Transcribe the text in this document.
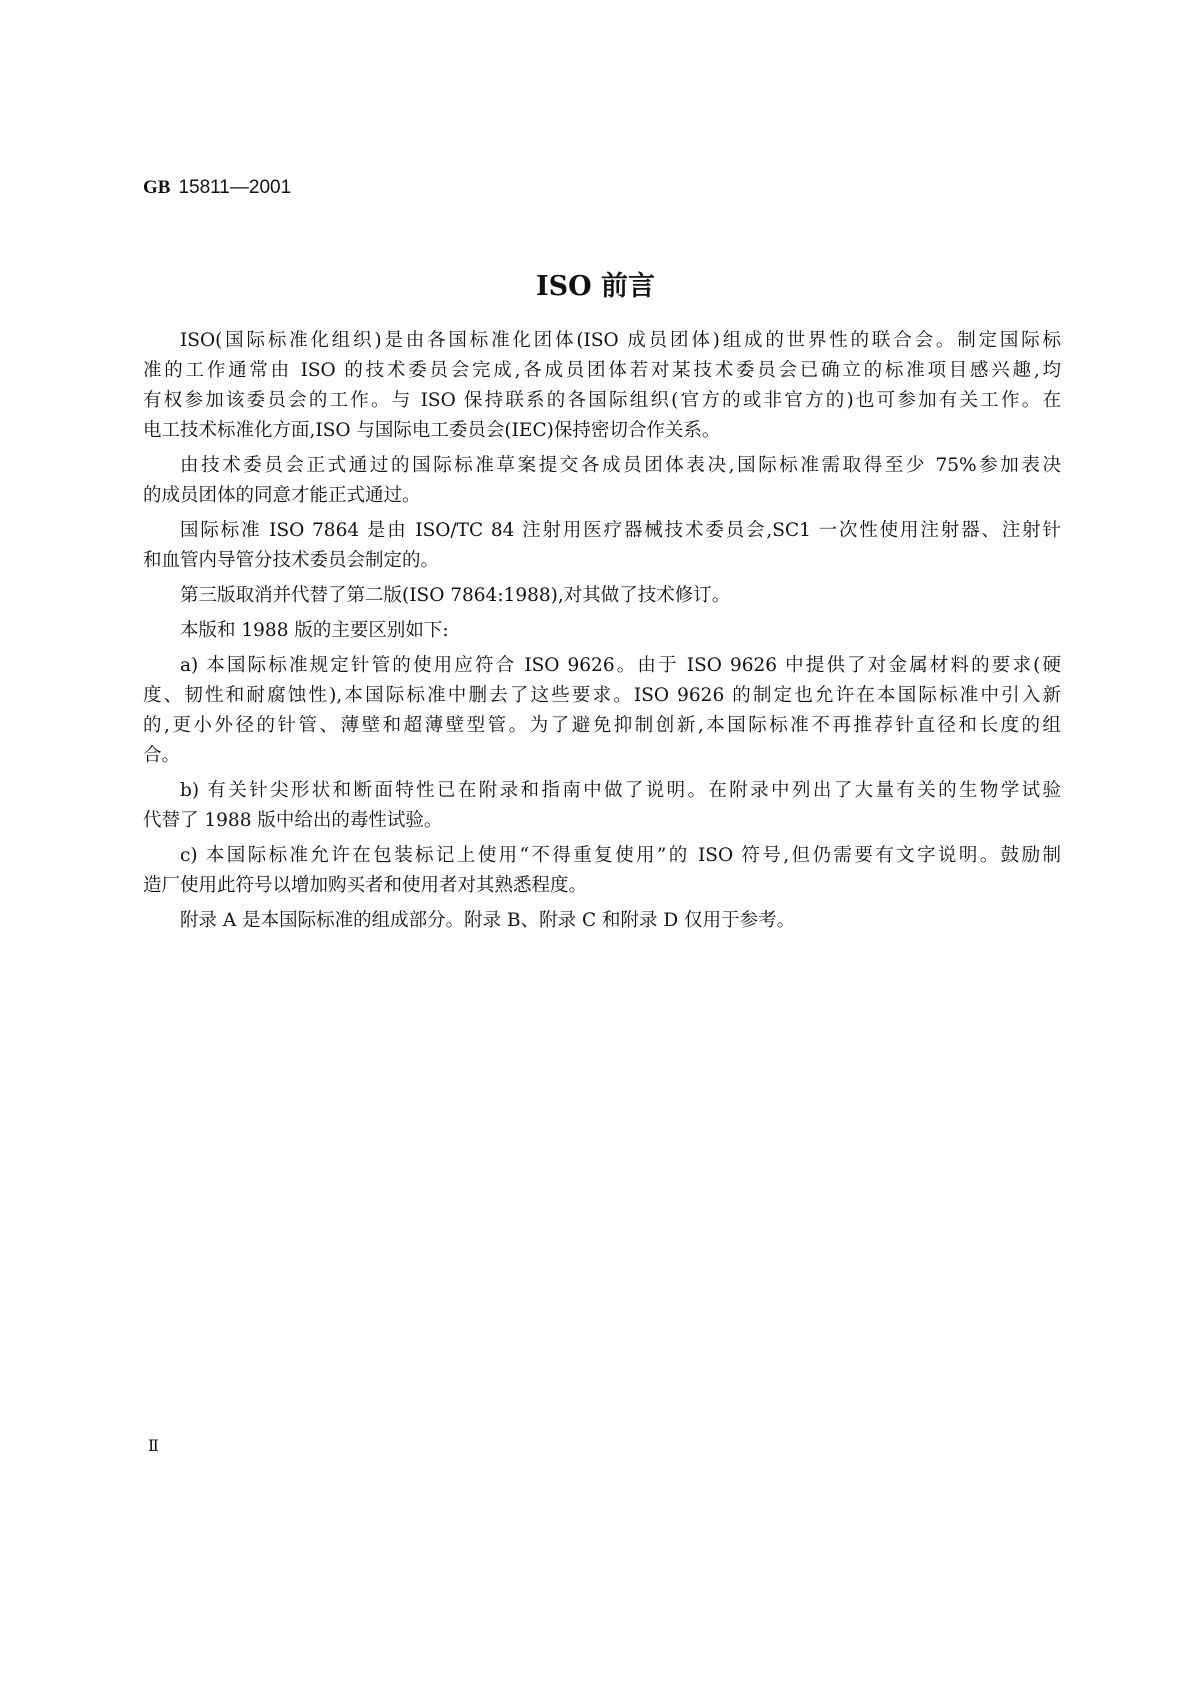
GB 15811—2001
ISO 前言
ISO(国际标准化组织)是由各国标准化团体(ISO 成员团体)组成的世界性的联合会。制定国际标
准的工作通常由 ISO 的技术委员会完成,各成员团体若对某技术委员会已确立的标准项目感兴趣,均
有权参加该委员会的工作。与 ISO 保持联系的各国际组织(官方的或非官方的)也可参加有关工作。在
电工技术标准化方面,ISO 与国际电工委员会(IEC)保持密切合作关系。
由技术委员会正式通过的国际标准草案提交各成员团体表决,国际标准需取得至少 75%参加表决
的成员团体的同意才能正式通过。
国际标准 ISO 7864 是由 ISO/TC 84 注射用医疗器械技术委员会,SC1 一次性使用注射器、注射针
和血管内导管分技术委员会制定的。
第三版取消并代替了第二版(ISO 7864:1988),对其做了技术修订。
本版和 1988 版的主要区别如下:
a) 本国际标准规定针管的使用应符合 ISO 9626。由于 ISO 9626 中提供了对金属材料的要求(硬
度、韧性和耐腐蚀性),本国际标准中删去了这些要求。ISO 9626 的制定也允许在本国际标准中引入新
的,更小外径的针管、薄壁和超薄壁型管。为了避免抑制创新,本国际标准不再推荐针直径和长度的组
合。
b) 有关针尖形状和断面特性已在附录和指南中做了说明。在附录中列出了大量有关的生物学试验
代替了 1988 版中给出的毒性试验。
c) 本国际标准允许在包装标记上使用“不得重复使用”的 ISO 符号,但仍需要有文字说明。鼓励制
造厂使用此符号以增加购买者和使用者对其熟悉程度。
附录 A 是本国际标准的组成部分。附录 B、附录 C 和附录 D 仅用于参考。
Ⅱ
